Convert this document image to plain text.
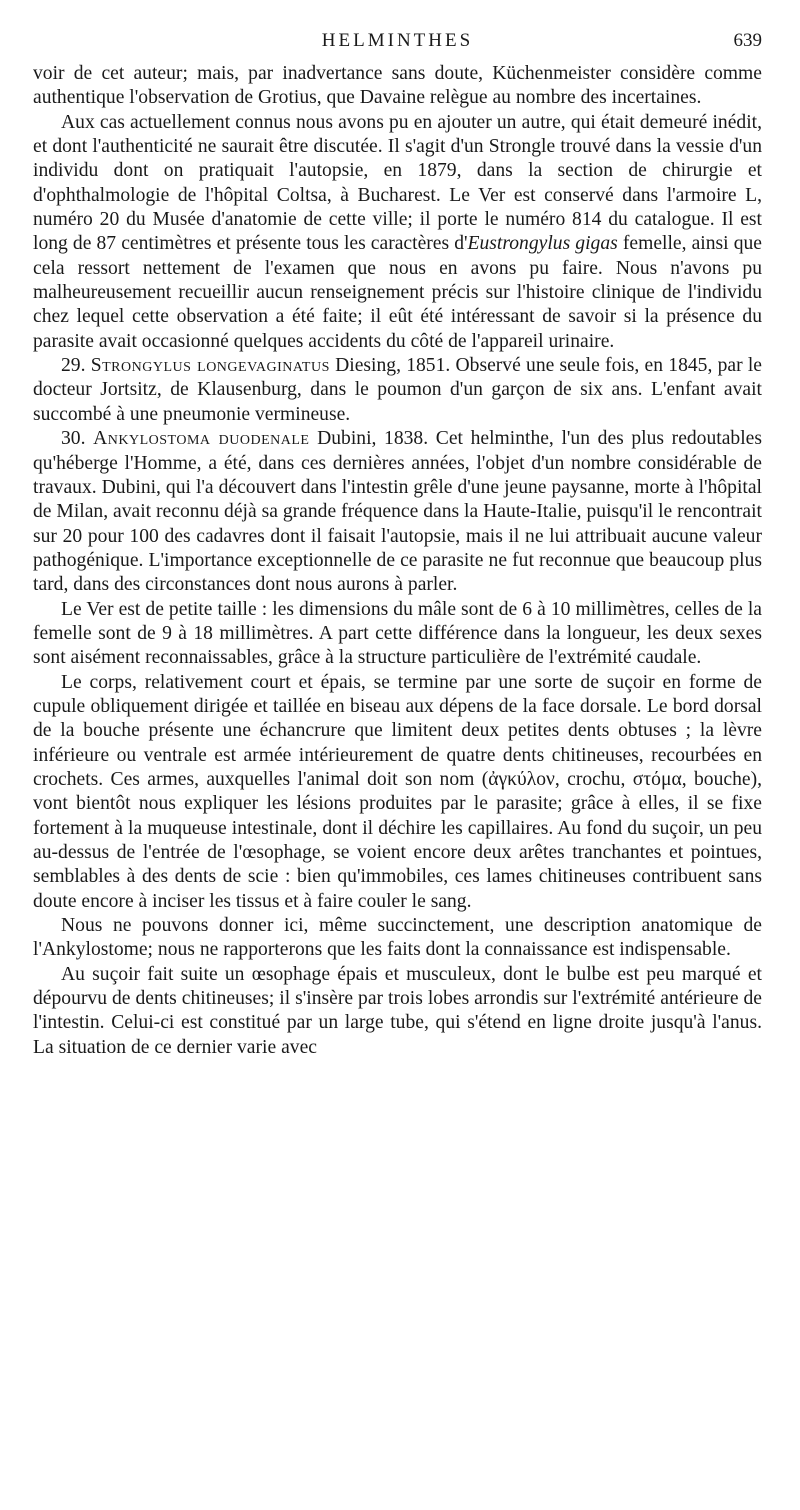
HELMINTHES	639

voir de cet auteur; mais, par inadvertance sans doute, Küchenmeister considère comme authentique l'observation de Grotius, que Davaine relègue au nombre des incertaines.

Aux cas actuellement connus nous avons pu en ajouter un autre, qui était demeuré inédit, et dont l'authenticité ne saurait être discutée. Il s'agit d'un Strongle trouvé dans la vessie d'un individu dont on pratiquait l'autopsie, en 1879, dans la section de chirurgie et d'ophthalmologie de l'hôpital Coltsa, à Bucharest. Le Ver est conservé dans l'armoire L, numéro 20 du Musée d'anatomie de cette ville; il porte le numéro 814 du catalogue. Il est long de 87 centimètres et présente tous les caractères d'Eustrongylus gigas femelle, ainsi que cela ressort nettement de l'examen que nous en avons pu faire. Nous n'avons pu malheureusement recueillir aucun renseignement précis sur l'histoire clinique de l'individu chez lequel cette observation a été faite; il eût été intéressant de savoir si la présence du parasite avait occasionné quelques accidents du côté de l'appareil urinaire.

29. Strongylus longevaginatus Diesing, 1851. Observé une seule fois, en 1845, par le docteur Jortsitz, de Klausenburg, dans le poumon d'un garçon de six ans. L'enfant avait succombé à une pneumonie vermineuse.

30. Ankylostoma duodenale Dubini, 1838. Cet helminthe, l'un des plus redoutables qu'héberge l'Homme, a été, dans ces dernières années, l'objet d'un nombre considérable de travaux. Dubini, qui l'a découvert dans l'intestin grêle d'une jeune paysanne, morte à l'hôpital de Milan, avait reconnu déjà sa grande fréquence dans la Haute-Italie, puisqu'il le rencontrait sur 20 pour 100 des cadavres dont il faisait l'autopsie, mais il ne lui attribuait aucune valeur pathogénique. L'importance exceptionnelle de ce parasite ne fut reconnue que beaucoup plus tard, dans des circonstances dont nous aurons à parler.

Le Ver est de petite taille : les dimensions du mâle sont de 6 à 10 millimètres, celles de la femelle sont de 9 à 18 millimètres. A part cette différence dans la longueur, les deux sexes sont aisément reconnaissables, grâce à la structure particulière de l'extrémité caudale.

Le corps, relativement court et épais, se termine par une sorte de suçoir en forme de cupule obliquement dirigée et taillée en biseau aux dépens de la face dorsale. Le bord dorsal de la bouche présente une échancrure que limitent deux petites dents obtuses ; la lèvre inférieure ou ventrale est armée intérieurement de quatre dents chitineuses, recourbées en crochets. Ces armes, auxquelles l'animal doit son nom (ἀγκύλον, crochu, στόμα, bouche), vont bientôt nous expliquer les lésions produites par le parasite; grâce à elles, il se fixe fortement à la muqueuse intestinale, dont il déchire les capillaires. Au fond du suçoir, un peu au-dessus de l'entrée de l'œsophage, se voient encore deux arêtes tranchantes et pointues, semblables à des dents de scie : bien qu'immobiles, ces lames chitineuses contribuent sans doute encore à inciser les tissus et à faire couler le sang.

Nous ne pouvons donner ici, même succinctement, une description anatomique de l'Ankylostome; nous ne rapporterons que les faits dont la connaissance est indispensable.

Au suçoir fait suite un œsophage épais et musculeux, dont le bulbe est peu marqué et dépourvu de dents chitineuses; il s'insère par trois lobes arrondis sur l'extrémité antérieure de l'intestin. Celui-ci est constitué par un large tube, qui s'étend en ligne droite jusqu'à l'anus. La situation de ce dernier varie avec
